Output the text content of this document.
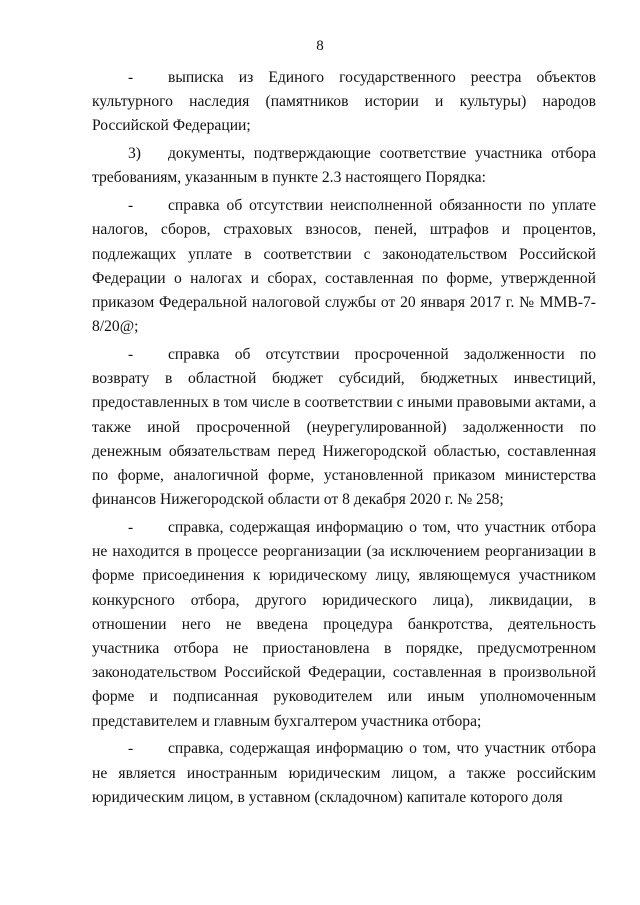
8

- выписка из Единого государственного реестра объектов культурного наследия (памятников истории и культуры) народов Российской Федерации;

3) документы, подтверждающие соответствие участника отбора требованиям, указанным в пункте 2.3 настоящего Порядка:

- справка об отсутствии неисполненной обязанности по уплате налогов, сборов, страховых взносов, пеней, штрафов и процентов, подлежащих уплате в соответствии с законодательством Российской Федерации о налогах и сборах, составленная по форме, утвержденной приказом Федеральной налоговой службы от 20 января 2017 г. № ММВ-7-8/20@;

- справка об отсутствии просроченной задолженности по возврату в областной бюджет субсидий, бюджетных инвестиций, предоставленных в том числе в соответствии с иными правовыми актами, а также иной просроченной (неурегулированной) задолженности по денежным обязательствам перед Нижегородской областью, составленная по форме, аналогичной форме, установленной приказом министерства финансов Нижегородской области от 8 декабря 2020 г. № 258;

- справка, содержащая информацию о том, что участник отбора не находится в процессе реорганизации (за исключением реорганизации в форме присоединения к юридическому лицу, являющемуся участником конкурсного отбора, другого юридического лица), ликвидации, в отношении него не введена процедура банкротства, деятельность участника отбора не приостановлена в порядке, предусмотренном законодательством Российской Федерации, составленная в произвольной форме и подписанная руководителем или иным уполномоченным представителем и главным бухгалтером участника отбора;

- справка, содержащая информацию о том, что участник отбора не является иностранным юридическим лицом, а также российским юридическим лицом, в уставном (складочном) капитале которого доля
